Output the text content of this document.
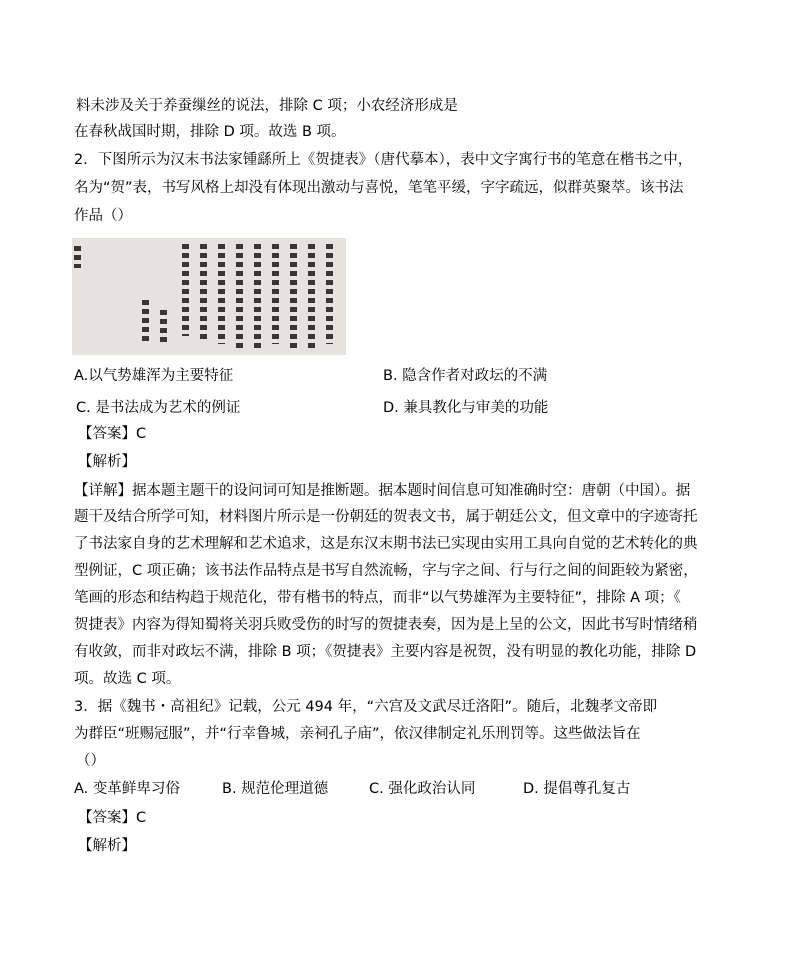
料未涉及关于养蚕缫丝的说法，排除 C 项；小农经济形成是
在春秋战国时期，排除 D 项。故选 B 项。
2．下图所示为汉末书法家锺繇所上《贺捷表》（唐代摹本），表中文字寓行书的笔意在楷书之中，
名为“贺”表，书写风格上却没有体现出激动与喜悦，笔笔平缓，字字疏远，似群英聚萃。该书法
作品（）
A.以气势雄浑为主要特征	B. 隐含作者对政坛的不满
C. 是书法成为艺术的例证	D. 兼具教化与审美的功能
【答案】C
【解析】
【详解】据本题主题干的设问词可知是推断题。据本题时间信息可知准确时空：唐朝（中国）。据
题干及结合所学可知，材料图片所示是一份朝廷的贺表文书，属于朝廷公文，但文章中的字迹寄托
了书法家自身的艺术理解和艺术追求，这是东汉末期书法已实现由实用工具向自觉的艺术转化的典
型例证，C 项正确；该书法作品特点是书写自然流畅，字与字之间、行与行之间的间距较为紧密，
笔画的形态和结构趋于规范化，带有楷书的特点，而非“以气势雄浑为主要特征”，排除 A 项；《
贺捷表》内容为得知蜀将关羽兵败受伤的时写的贺捷表奏，因为是上呈的公文，因此书写时情绪稍
有收敛，而非对政坛不满，排除 B 项；《贺捷表》主要内容是祝贺，没有明显的教化功能，排除 D
项。故选 C 项。
3．据《魏书・高祖纪》记载，公元 494 年，“六宫及文武尽迁洛阳”。随后，北魏孝文帝即
为群臣“班赐冠服”，并“行幸鲁城，亲祠孔子庙”，依汉律制定礼乐刑罚等。这些做法旨在
（）
A. 变革鲜卑习俗	B. 规范伦理道德	C. 强化政治认同	D. 提倡尊孔复古
【答案】C
【解析】
